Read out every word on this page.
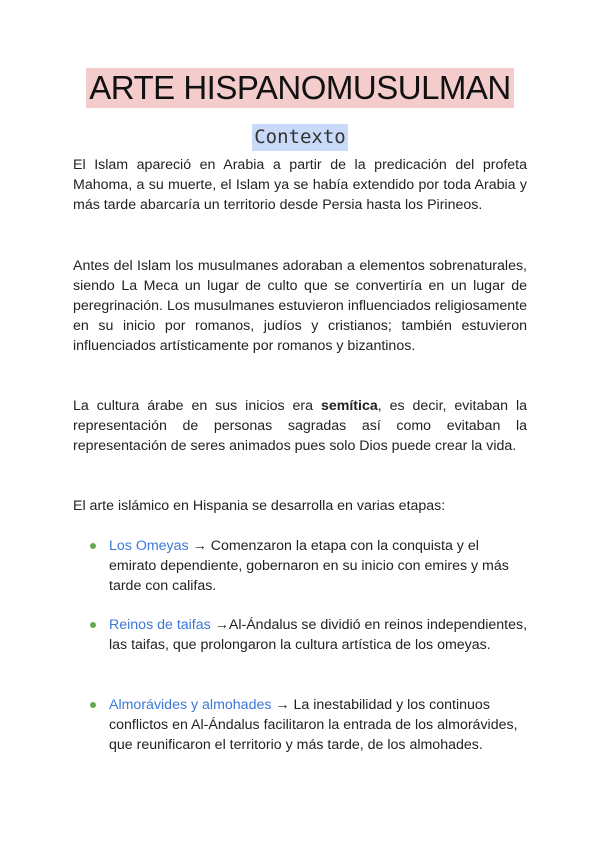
ARTE HISPANOMUSULMAN
Contexto

El Islam apareció en Arabia a partir de la predicación del profeta Mahoma, a su muerte, el Islam ya se había extendido por toda Arabia y más tarde abarcaría un territorio desde Persia hasta los Pirineos.

Antes del Islam los musulmanes adoraban a elementos sobrenaturales, siendo La Meca un lugar de culto que se convertiría en un lugar de peregrinación. Los musulmanes estuvieron influenciados religiosamente en su inicio por romanos, judíos y cristianos; también estuvieron influenciados artísticamente por romanos y bizantinos.

La cultura árabe en sus inicios era semítica, es decir, evitaban la representación de personas sagradas así como evitaban la representación de seres animados pues solo Dios puede crear la vida.

El arte islámico en Hispania se desarrolla en varias etapas:

Los Omeyas → Comenzaron la etapa con la conquista y el emirato dependiente, gobernaron en su inicio con emires y más tarde con califas.
Reinos de taifas →Al-Ándalus se dividió en reinos independientes, las taifas, que prolongaron la cultura artística de los omeyas.
Almorávides y almohades → La inestabilidad y los continuos conflictos en Al-Ándalus facilitaron la entrada de los almorávides, que reunificaron el territorio y más tarde, de los almohades.
